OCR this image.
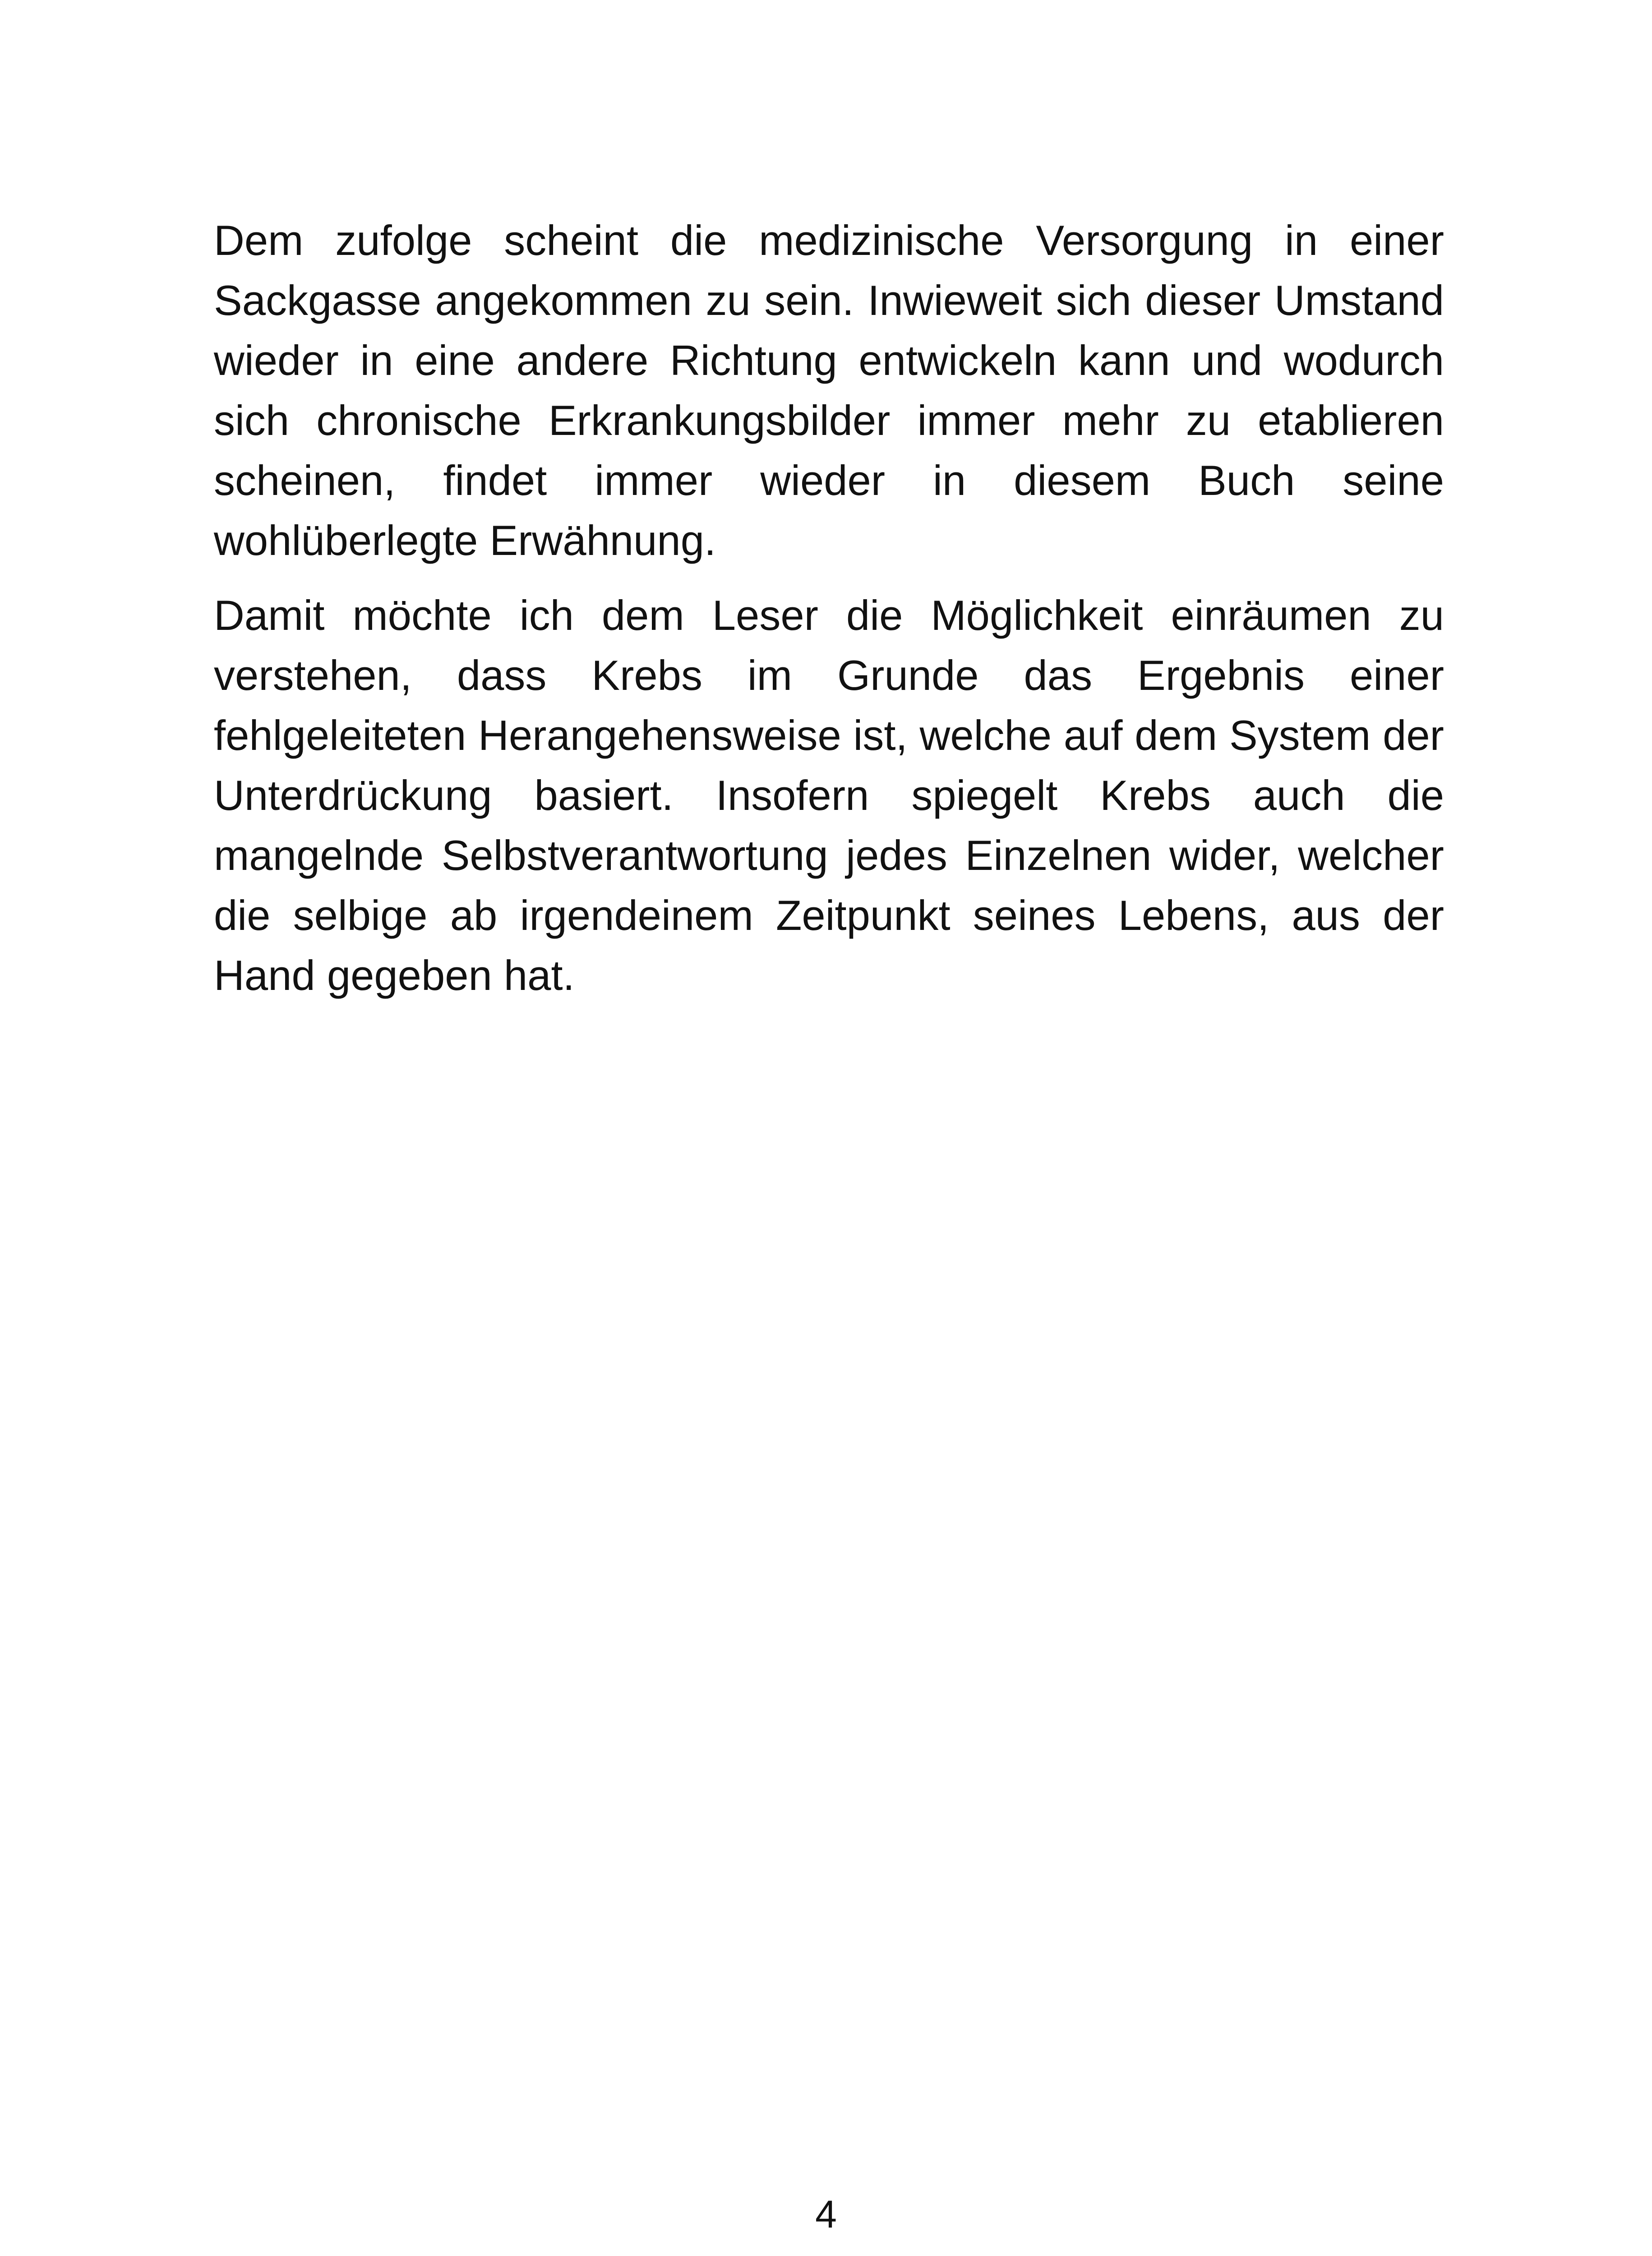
Dem zufolge scheint die medizinische Versorgung in einer Sackgasse angekommen zu sein. Inwieweit sich dieser Umstand wieder in eine andere Richtung entwickeln kann und wodurch sich chronische Erkrankungsbilder immer mehr zu etablieren scheinen, findet immer wieder in diesem Buch seine wohlüberlegte Erwähnung.

Damit möchte ich dem Leser die Möglichkeit einräumen zu verstehen, dass Krebs im Grunde das Ergebnis einer fehlgeleiteten Herangehensweise ist, welche auf dem System der Unterdrückung basiert. Insofern spiegelt Krebs auch die mangelnde Selbstverantwortung jedes Einzelnen wider, welcher die selbige ab irgendeinem Zeitpunkt seines Lebens, aus der Hand gegeben hat.

4
